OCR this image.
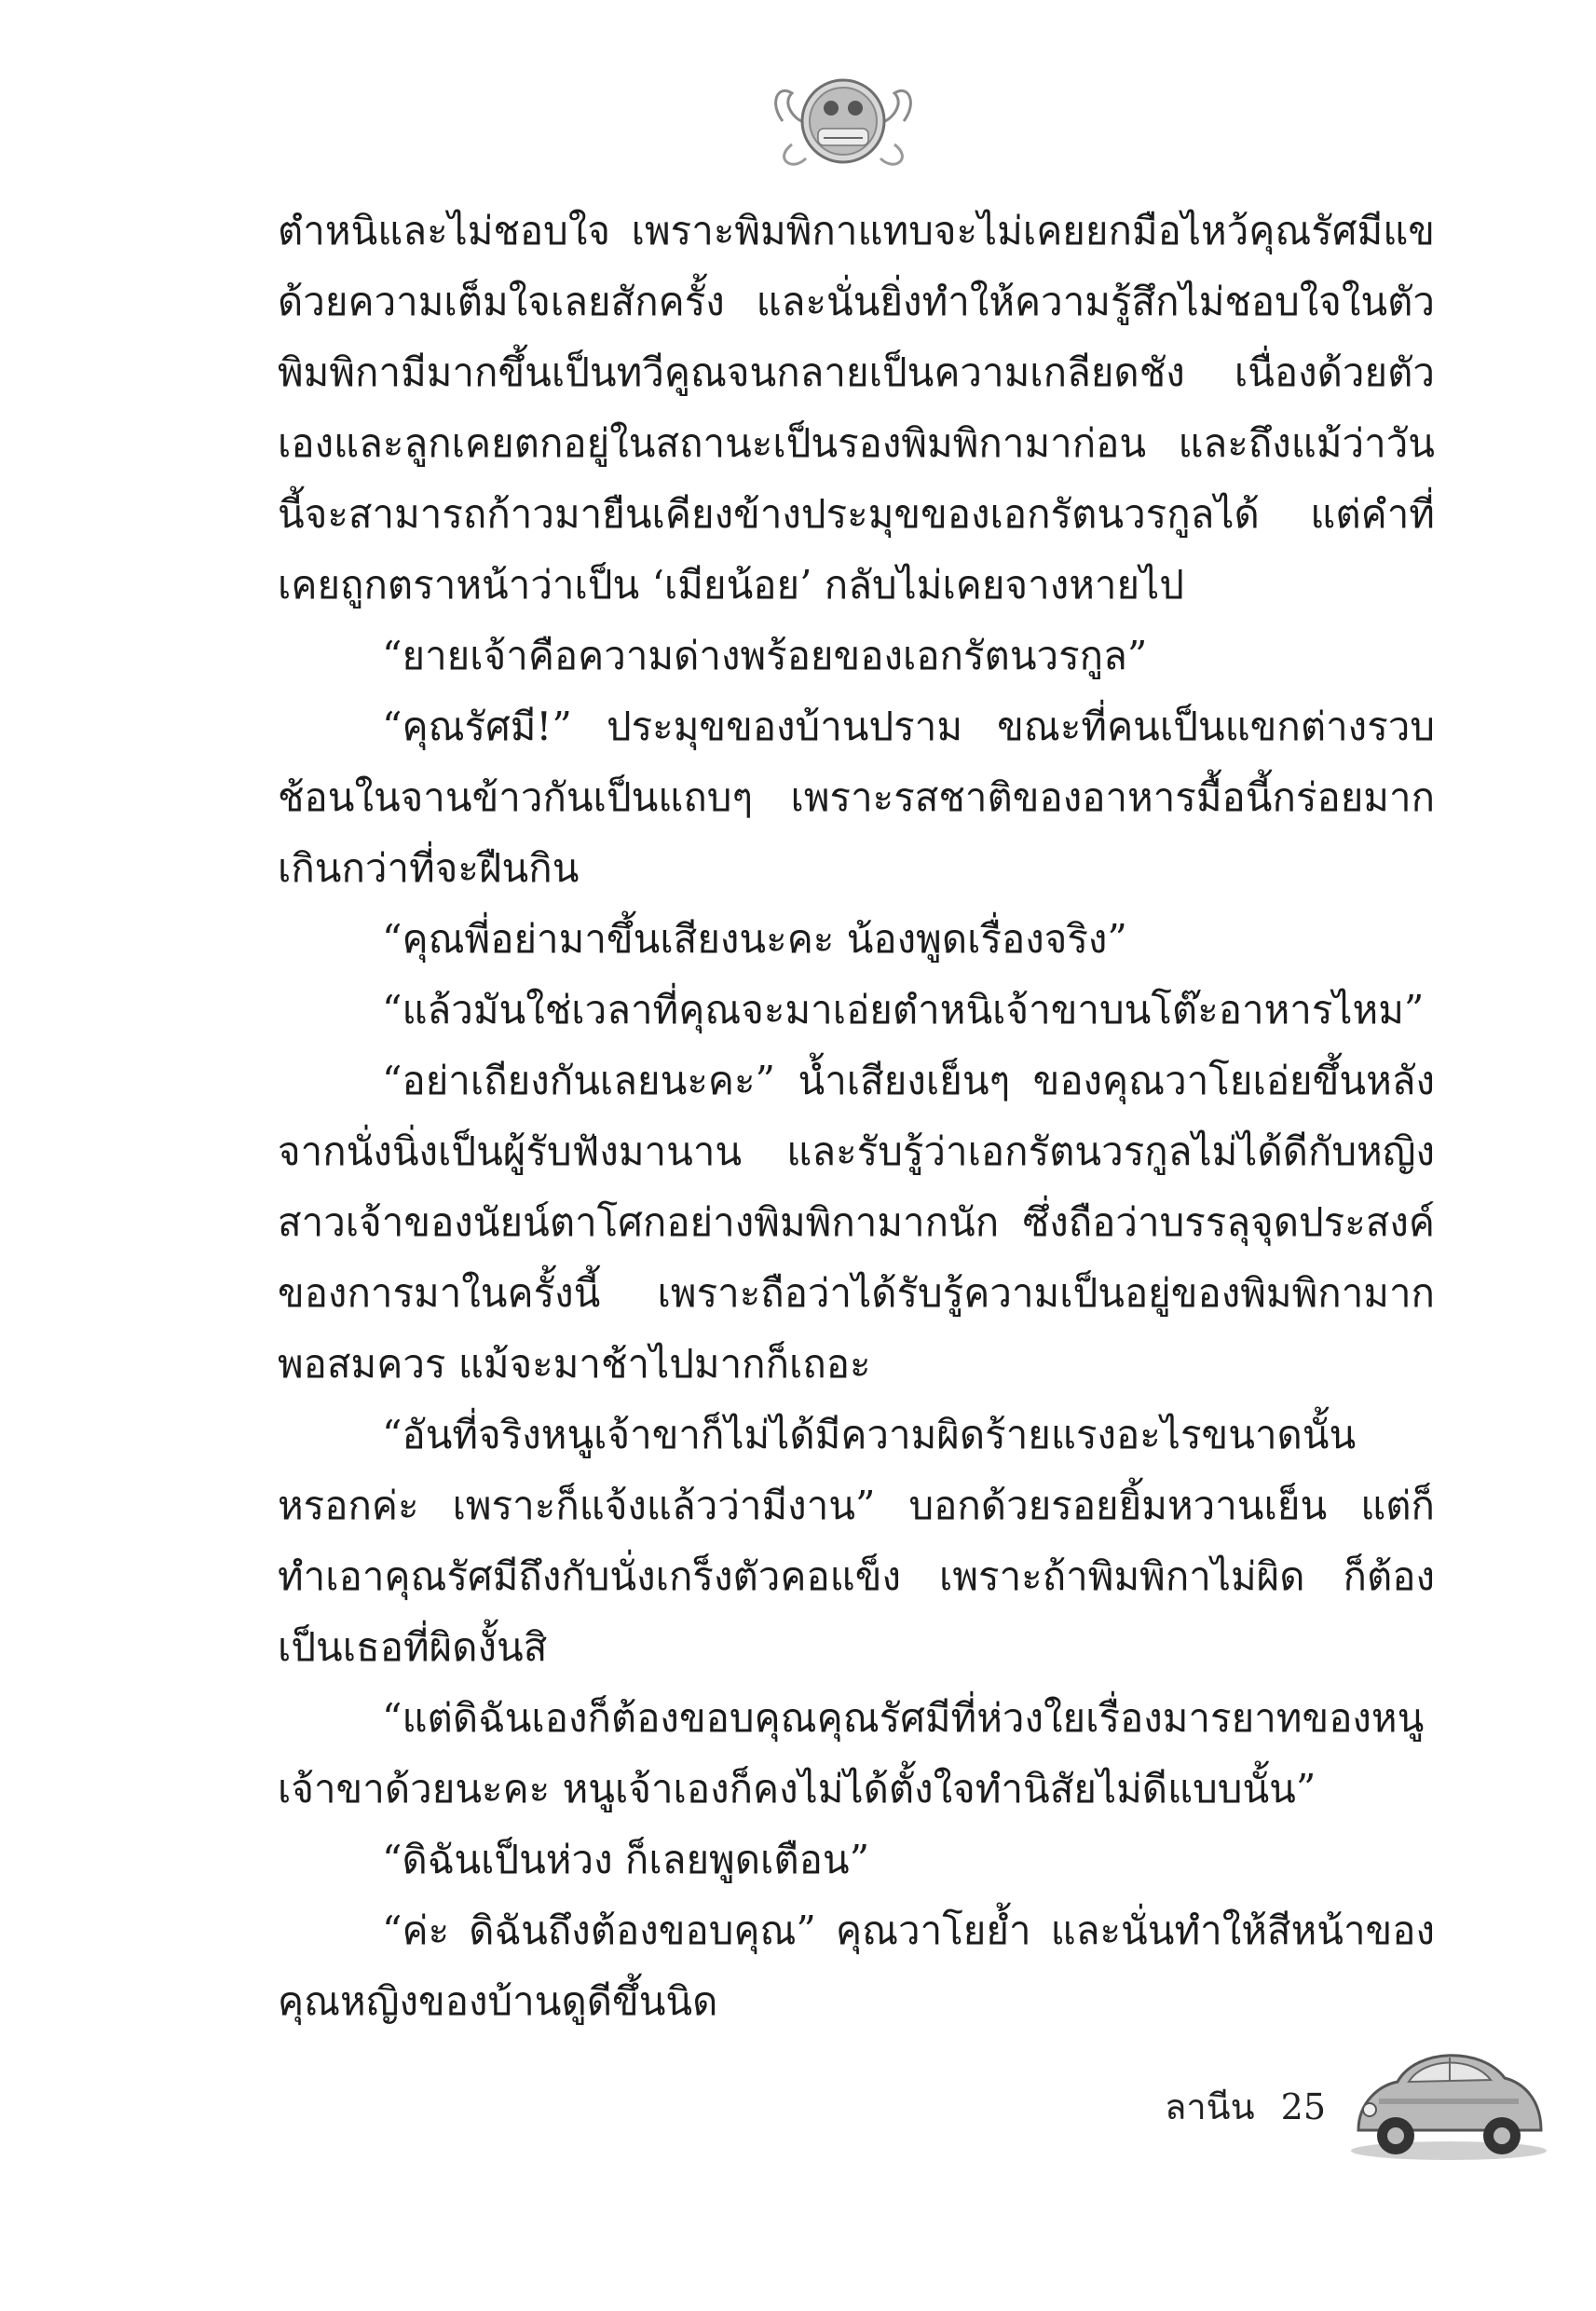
ตำหนิและไม่ชอบใจ เพราะพิมพิกาแทบจะไม่เคยยกมือไหว้คุณรัศมีแข ด้วยความเต็มใจเลยสักครั้ง และนั่นยิ่งทำให้ความรู้สึกไม่ชอบใจในตัวพิมพิกามีมากขึ้นเป็นทวีคูณจนกลายเป็นความเกลียดชัง เนื่องด้วยตัวเองและลูกเคยตกอยู่ในสถานะเป็นรองพิมพิกามาก่อน และถึงแม้ว่าวันนี้จะสามารถก้าวมายืนเคียงข้างประมุขของเอกรัตนวรกูลได้ แต่คำที่เคยถูกตราหน้าว่าเป็น ‘เมียน้อย’ กลับไม่เคยจางหายไป

“ยายเจ้าคือความด่างพร้อยของเอกรัตนวรกูล”

“คุณรัศมี!” ประมุขของบ้านปราม ขณะที่คนเป็นแขกต่างรวบช้อนในจานข้าวกันเป็นแถบๆ เพราะรสชาติของอาหารมื้อนี้กร่อยมากเกินกว่าที่จะฝืนกิน

“คุณพี่อย่ามาขึ้นเสียงนะคะ น้องพูดเรื่องจริง”

“แล้วมันใช่เวลาที่คุณจะมาเอ่ยตำหนิเจ้าขาบนโต๊ะอาหารไหม”

“อย่าเถียงกันเลยนะคะ” น้ำเสียงเย็นๆ ของคุณวาโยเอ่ยขึ้นหลังจากนั่งนิ่งเป็นผู้รับฟังมานาน และรับรู้ว่าเอกรัตนวรกูลไม่ได้ดีกับหญิงสาวเจ้าของนัยน์ตาโศกอย่างพิมพิกามากนัก ซึ่งถือว่าบรรลุจุดประสงค์ของการมาในครั้งนี้ เพราะถือว่าได้รับรู้ความเป็นอยู่ของพิมพิกามากพอสมควร แม้จะมาช้าไปมากก็เถอะ

“อันที่จริงหนูเจ้าขาก็ไม่ได้มีความผิดร้ายแรงอะไรขนาดนั้นหรอกค่ะ เพราะก็แจ้งแล้วว่ามีงาน” บอกด้วยรอยยิ้มหวานเย็น แต่ก็ทำเอาคุณรัศมีถึงกับนั่งเกร็งตัวคอแข็ง เพราะถ้าพิมพิกาไม่ผิด ก็ต้องเป็นเธอที่ผิดงั้นสิ

“แต่ดิฉันเองก็ต้องขอบคุณคุณรัศมีที่ห่วงใยเรื่องมารยาทของหนูเจ้าขาด้วยนะคะ หนูเจ้าเองก็คงไม่ได้ตั้งใจทำนิสัยไม่ดีแบบนั้น”

“ดิฉันเป็นห่วง ก็เลยพูดเตือน”

“ค่ะ ดิฉันถึงต้องขอบคุณ” คุณวาโยย้ำ และนั่นทำให้สีหน้าของคุณหญิงของบ้านดูดีขึ้นนิด

ลานีน 25
